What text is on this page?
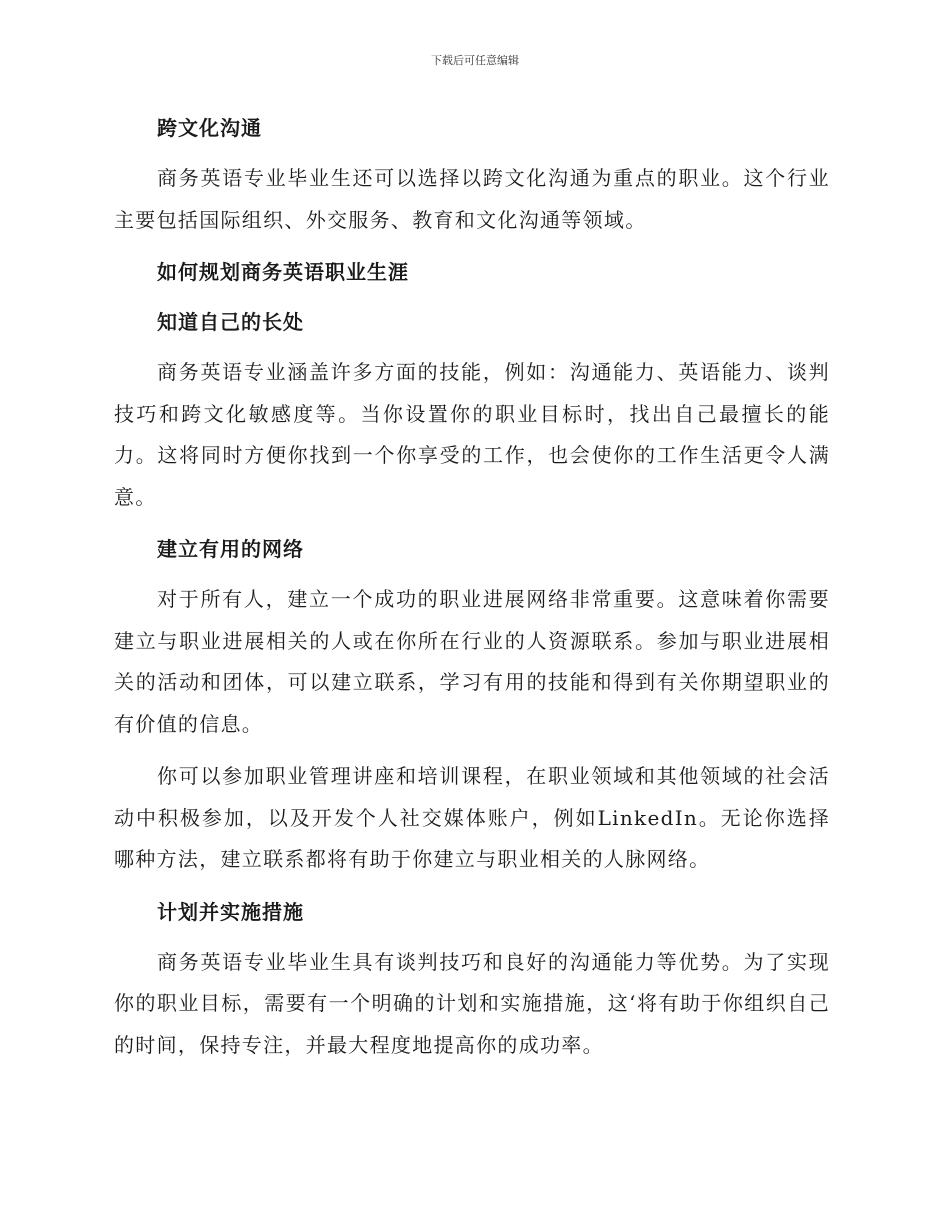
下载后可任意编辑
跨文化沟通

商务英语专业毕业生还可以选择以跨文化沟通为重点的职业。这个行业主要包括国际组织、外交服务、教育和文化沟通等领域。

如何规划商务英语职业生涯
知道自己的长处

商务英语专业涵盖许多方面的技能，例如：沟通能力、英语能力、谈判技巧和跨文化敏感度等。当你设置你的职业目标时，找出自己最擅长的能力。这将同时方便你找到一个你享受的工作，也会使你的工作生活更令人满意。

建立有用的网络

对于所有人，建立一个成功的职业进展网络非常重要。这意味着你需要建立与职业进展相关的人或在你所在行业的人资源联系。参加与职业进展相关的活动和团体，可以建立联系，学习有用的技能和得到有关你期望职业的有价值的信息。

你可以参加职业管理讲座和培训课程，在职业领域和其他领域的社会活动中积极参加，以及开发个人社交媒体账户，例如LinkedIn。无论你选择哪种方法，建立联系都将有助于你建立与职业相关的人脉网络。

计划并实施措施

商务英语专业毕业生具有谈判技巧和良好的沟通能力等优势。为了实现你的职业目标，需要有一个明确的计划和实施措施，这‘将有助于你组织自己的时间，保持专注，并最大程度地提高你的成功率。
